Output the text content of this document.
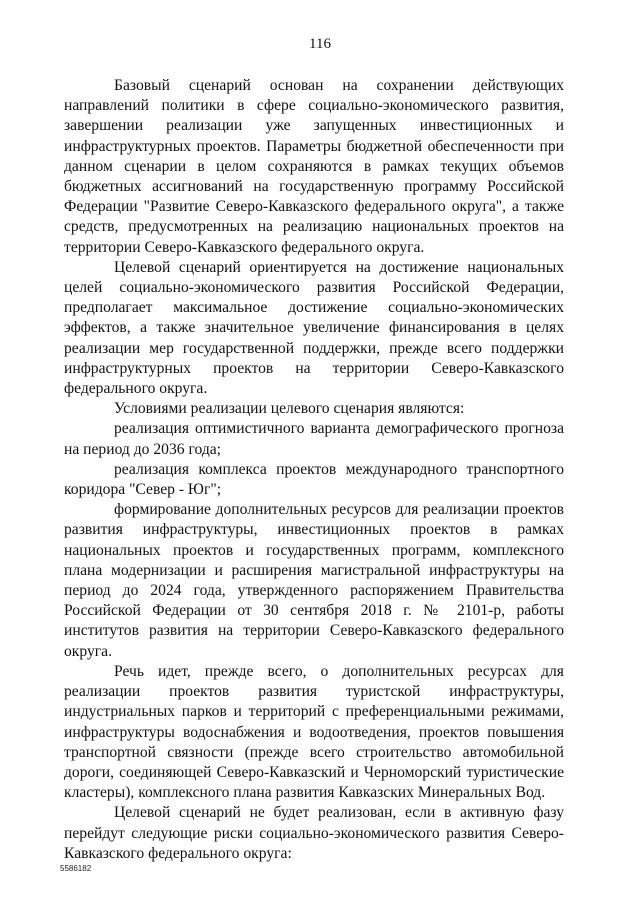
116

Базовый сценарий основан на сохранении действующих направлений политики в сфере социально-экономического развития, завершении реализации уже запущенных инвестиционных и инфраструктурных проектов. Параметры бюджетной обеспеченности при данном сценарии в целом сохраняются в рамках текущих объемов бюджетных ассигнований на государственную программу Российской Федерации "Развитие Северо-Кавказского федерального округа", а также средств, предусмотренных на реализацию национальных проектов на территории Северо-Кавказского федерального округа.

Целевой сценарий ориентируется на достижение национальных целей социально-экономического развития Российской Федерации, предполагает максимальное достижение социально-экономических эффектов, а также значительное увеличение финансирования в целях реализации мер государственной поддержки, прежде всего поддержки инфраструктурных проектов на территории Северо-Кавказского федерального округа.

Условиями реализации целевого сценария являются:

реализация оптимистичного варианта демографического прогноза на период до 2036 года;

реализация комплекса проектов международного транспортного коридора "Север - Юг";

формирование дополнительных ресурсов для реализации проектов развития инфраструктуры, инвестиционных проектов в рамках национальных проектов и государственных программ, комплексного плана модернизации и расширения магистральной инфраструктуры на период до 2024 года, утвержденного распоряжением Правительства Российской Федерации от 30 сентября 2018 г. № 2101-р, работы институтов развития на территории Северо-Кавказского федерального округа.

Речь идет, прежде всего, о дополнительных ресурсах для реализации проектов развития туристской инфраструктуры, индустриальных парков и территорий с преференциальными режимами, инфраструктуры водоснабжения и водоотведения, проектов повышения транспортной связности (прежде всего строительство автомобильной дороги, соединяющей Северо-Кавказский и Черноморский туристические кластеры), комплексного плана развития Кавказских Минеральных Вод.

Целевой сценарий не будет реализован, если в активную фазу перейдут следующие риски социально-экономического развития Северо-Кавказского федерального округа:

5586182
